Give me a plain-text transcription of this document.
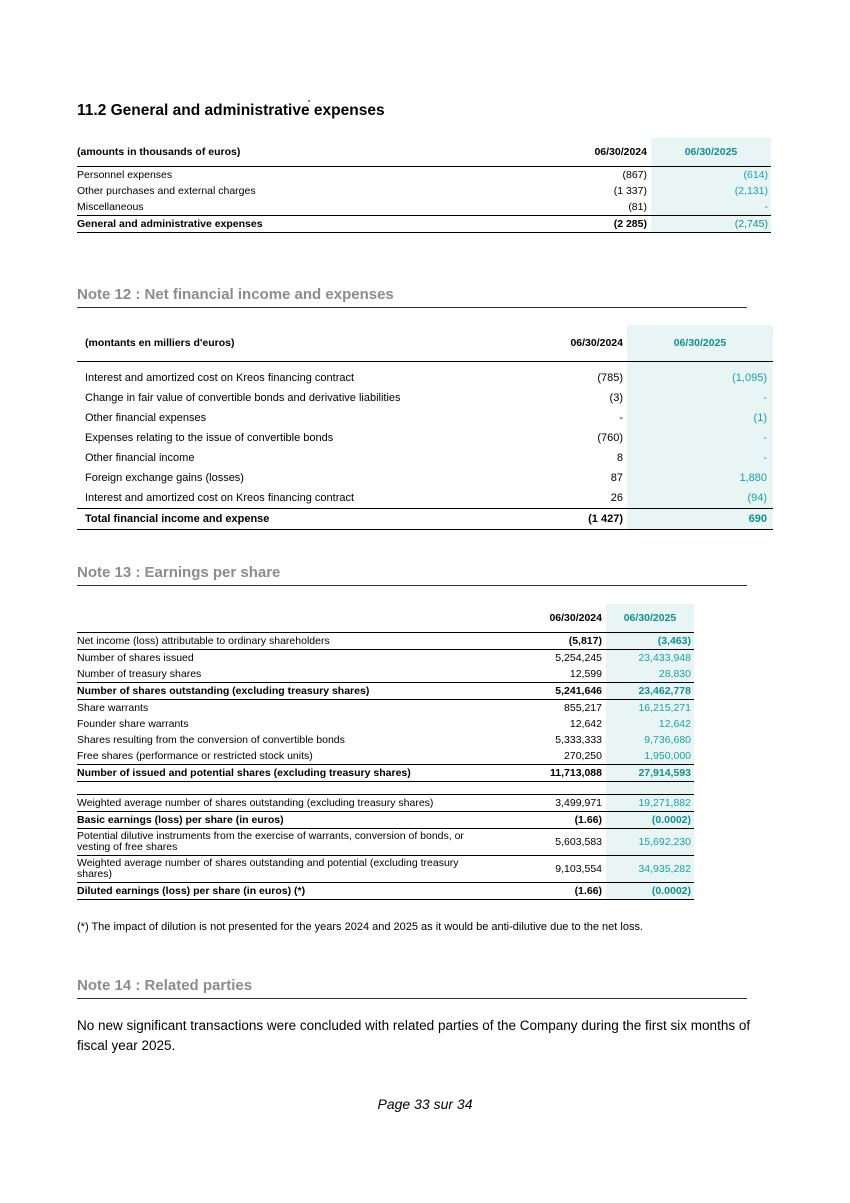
11.2 General and administrative expenses
(amounts in thousands of euros)	06/30/2024		06/30/2025
Personnel expenses	(867)		(614)
Other purchases and external charges	(1 337)		(2,131)
Miscellaneous	(81)		-
General and administrative expenses	(2 285)		(2,745)
Note 12 : Net financial income and expenses
(montants en milliers d'euros)	06/30/2024		06/30/2025
Interest and amortized cost on Kreos financing contract	(785)		(1,095)
Change in fair value of convertible bonds and derivative liabilities	(3)		-
Other financial expenses	-		(1)
Expenses relating to the issue of convertible bonds	(760)		-
Other financial income	8		-
Foreign exchange gains (losses)	87		1,880
Interest and amortized cost on Kreos financing contract	26		(94)
Total financial income and expense	(1 427)		690
Note 13 : Earnings per share
	06/30/2024		06/30/2025
Net income (loss) attributable to ordinary shareholders	(5,817)		(3,463)
Number of shares issued	5,254,245		23,433,948
Number of treasury shares	12,599		28,830
Number of shares outstanding (excluding treasury shares)	5,241,646		23,462,778
Share warrants	855,217		16,215,271
Founder share warrants	12,642		12,642
Shares resulting from the conversion of convertible bonds	5,333,333		9,736,680
Free shares (performance or restricted stock units)	270,250		1,950,000
Number of issued and potential shares (excluding treasury shares)	11,713,088		27,914,593

Weighted average number of shares outstanding (excluding treasury shares)	3,499,971		19,271,882
Basic earnings (loss) per share (in euros)	(1.66)		(0.0002)
Potential dilutive instruments from the exercise of warrants, conversion of bonds, or vesting of free shares	5,603,583		15,692,230
Weighted average number of shares outstanding and potential (excluding treasury shares)	9,103,554		34,935,282
Diluted earnings (loss) per share (in euros) (*)	(1.66)		(0.0002)
(*) The impact of dilution is not presented for the years 2024 and 2025 as it would be anti-dilutive due to the net loss.
Note 14 : Related parties

No new significant transactions were concluded with related parties of the Company during the first six months of fiscal year 2025.

Page 33 sur 34
